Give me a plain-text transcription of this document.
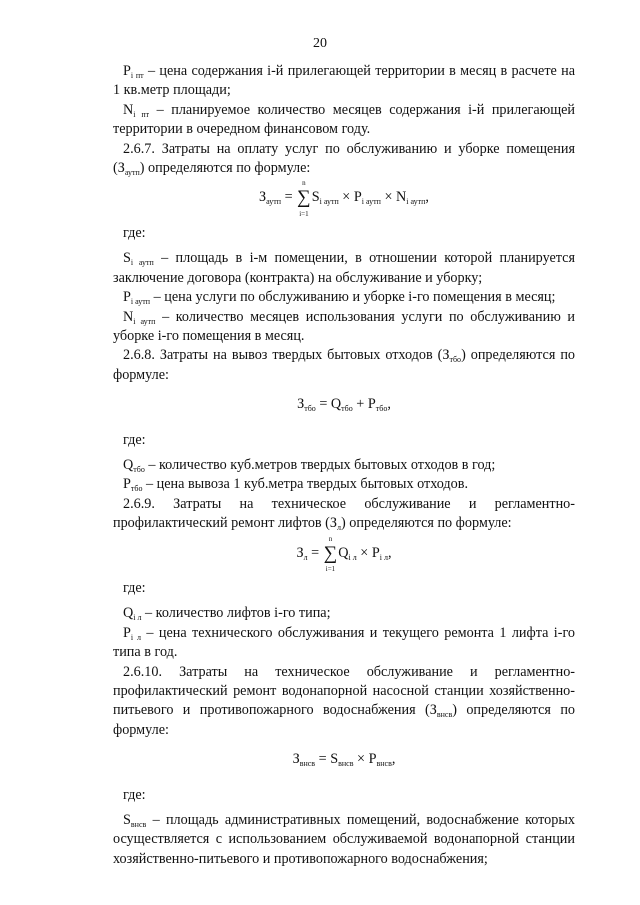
20

$P_{i пт}$ – цена содержания i-й прилегающей территории в месяц в расчете на 1 кв.метр площади;

$N_{i пт}$ – планируемое количество месяцев содержания i-й прилегающей территории в очередном финансовом году.

2.6.7. Затраты на оплату услуг по обслуживанию и уборке помещения $(З_{аутп})$ определяются по формуле:

$З_{аутп}$ = ∑
n
i=1
$S_{i аутп} \times P_{i аутп} \times N_{i аутп}$,

где:

$S_{i аутп}$ – площадь в i-м помещении, в отношении которой планируется заключение договора (контракта) на обслуживание и уборку;

$P_{i аутп}$ – цена услуги по обслуживанию и уборке i-го помещения в месяц;

$N_{i аутп}$ – количество месяцев использования услуги по обслуживанию и уборке i-го помещения в месяц.

2.6.8. Затраты на вывоз твердых бытовых отходов $(З_{тбо})$ определяются по формуле:

$З_{тбо} = Q_{тбо} + P_{тбо}$,

где:

$Q_{тбо}$ – количество куб.метров твердых бытовых отходов в год;

$P_{тбо}$ – цена вывоза 1 куб.метра твердых бытовых отходов.

2.6.9. Затраты на техническое обслуживание и регламентно-профилактический ремонт лифтов $(З_л)$ определяются по формуле:

$З_л$ = ∑
n
i=1
$Q_{i л} \times P_{i л}$,

где:

$Q_{i л}$ – количество лифтов i-го типа;

$P_{i л}$ – цена технического обслуживания и текущего ремонта 1 лифта i-го типа в год.

2.6.10. Затраты на техническое обслуживание и регламентно-профилактический ремонт водонапорной насосной станции хозяйственно-питьевого и противопожарного водоснабжения $(З_{внсв})$ определяются по формуле:

$З_{внсв} = S_{внсв} \times P_{внсв}$,

где:

$S_{внсв}$ – площадь административных помещений, водоснабжение которых осуществляется с использованием обслуживаемой водонапорной станции хозяйственно-питьевого и противопожарного водоснабжения;
